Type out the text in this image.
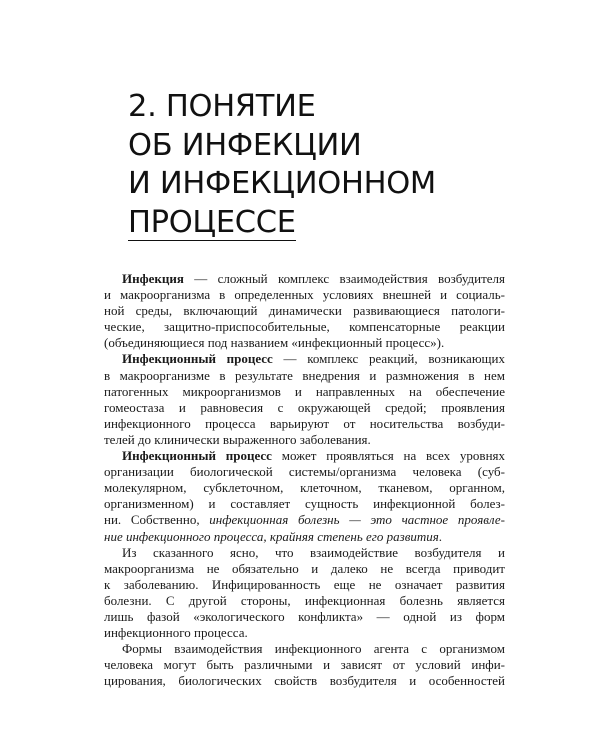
2. ПОНЯТИЕ
ОБ ИНФЕКЦИИ
И ИНФЕКЦИОННОМ
ПРОЦЕССЕ
Инфекция — сложный комплекс взаимодействия возбудителя
и макроорганизма в определенных условиях внешней и социаль-
ной среды, включающий динамически развивающиеся патологи-
ческие, защитно-приспособительные, компенсаторные реакции
(объединяющиеся под названием «инфекционный процесс»).
Инфекционный процесс — комплекс реакций, возникающих
в макроорганизме в результате внедрения и размножения в нем
патогенных микроорганизмов и направленных на обеспечение
гомеостаза и равновесия с окружающей средой; проявления
инфекционного процесса варьируют от носительства возбуди-
телей до клинически выраженного заболевания.
Инфекционный процесс может проявляться на всех уровнях
организации биологической системы/организма человека (суб-
молекулярном, субклеточном, клеточном, тканевом, органном,
организменном) и составляет сущность инфекционной болез-
ни. Собственно, инфекционная болезнь — это частное проявле-
ние инфекционного процесса, крайняя степень его развития.
Из сказанного ясно, что взаимодействие возбудителя и
макроорганизма не обязательно и далеко не всегда приводит
к заболеванию. Инфицированность еще не означает развития
болезни. С другой стороны, инфекционная болезнь является
лишь фазой «экологического конфликта» — одной из форм
инфекционного процесса.
Формы взаимодействия инфекционного агента с организмом
человека могут быть различными и зависят от условий инфи-
цирования, биологических свойств возбудителя и особенностей
